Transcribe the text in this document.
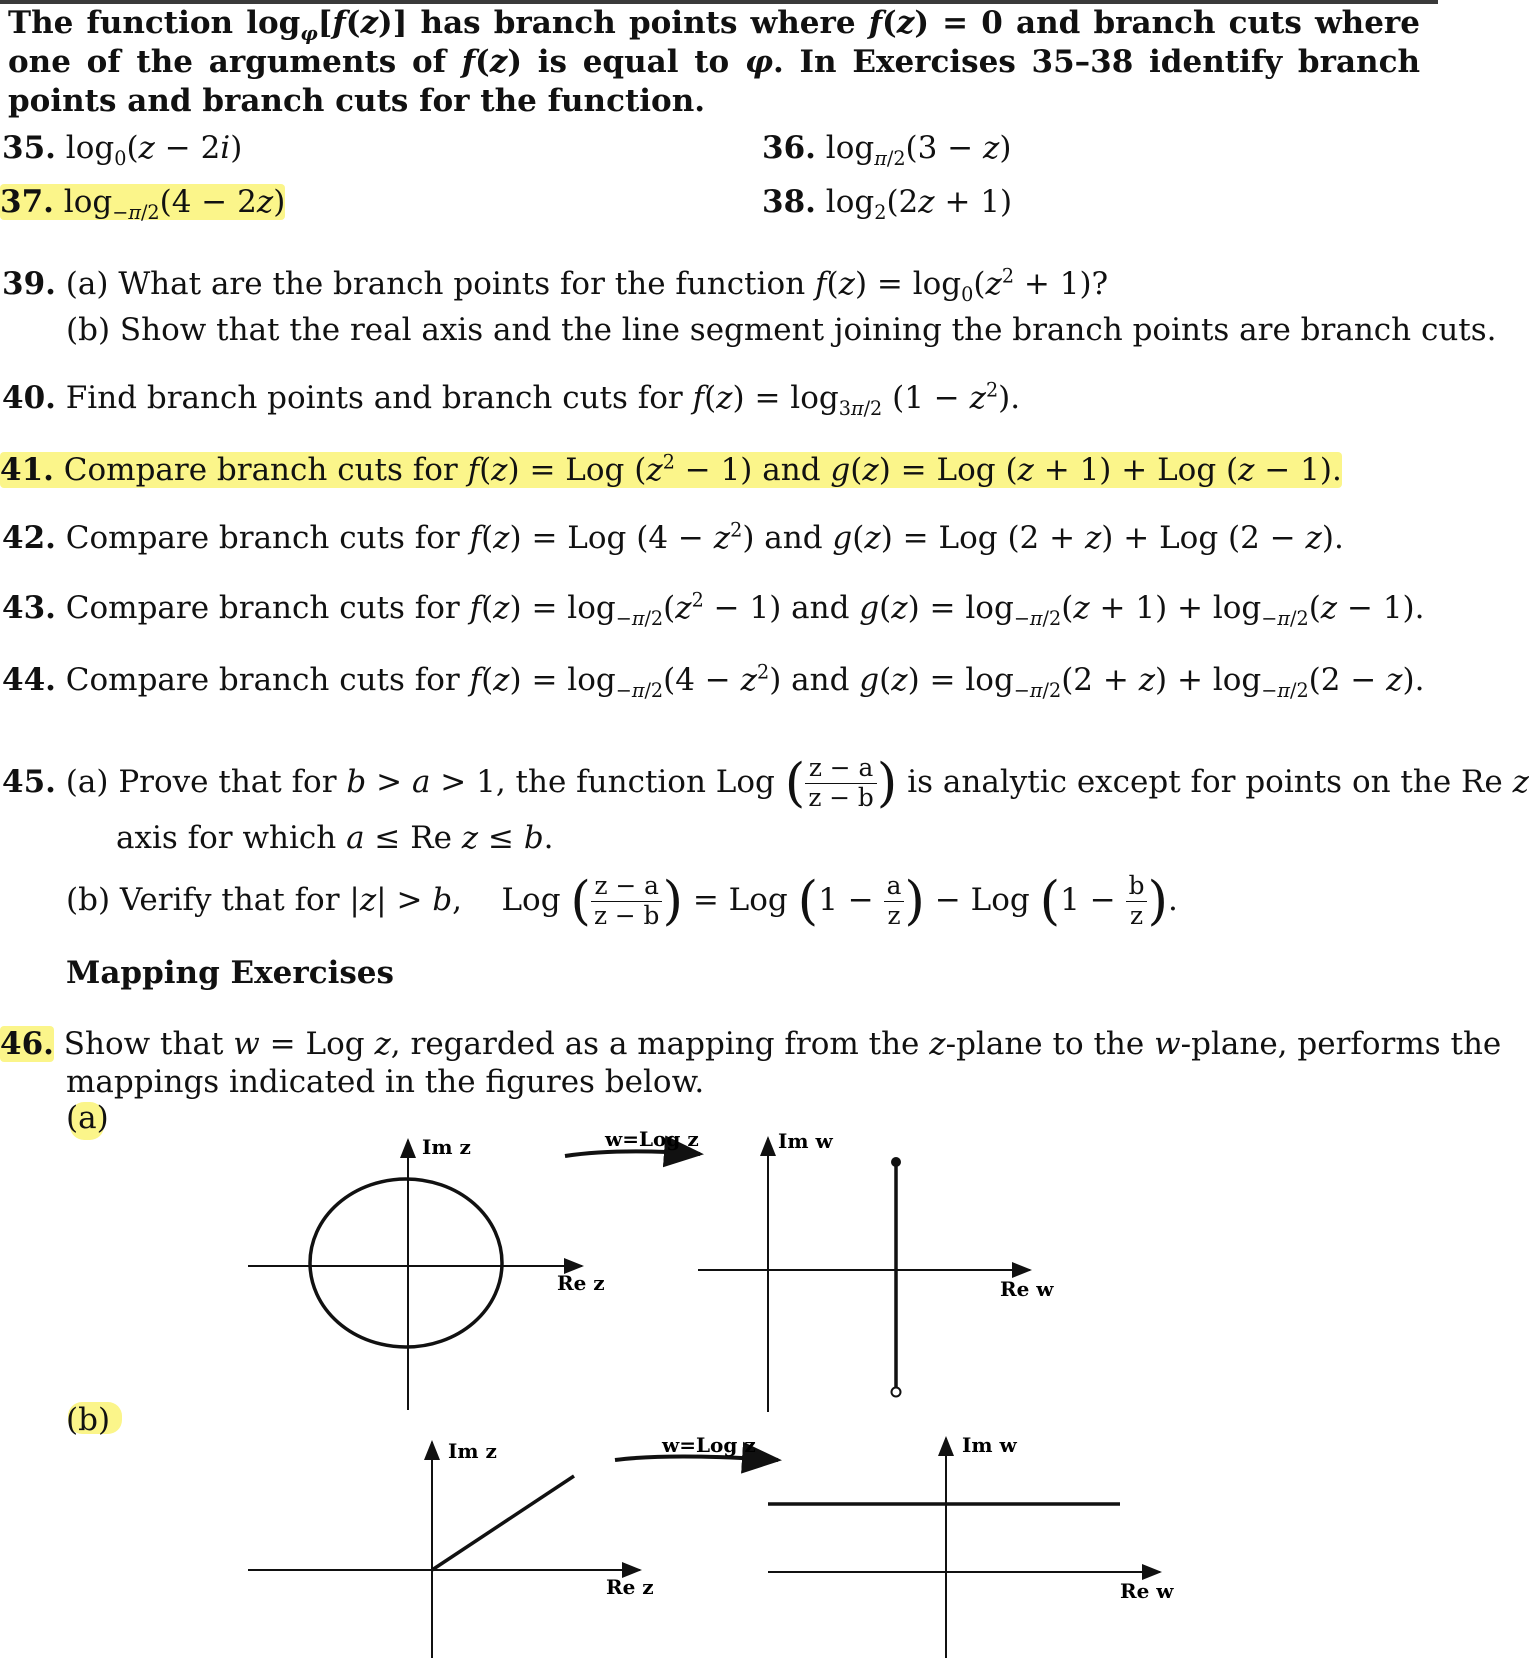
The function $\log_\varphi[f(z)]$ has branch points where f(z) = 0 and branch cuts where one of the arguments of f(z) is equal to φ. In Exercises 35–38 identify branch points and branch cuts for the function.
35. $\log_0(z - 2i)$	36. $\log_{\pi/2}(3 - z)$
37. $\log_{-\pi/2}(4 - 2z)$	38. $\log_2(2z + 1)$
39. (a) What are the branch points for the function $f(z) = \log_0(z^2 + 1)$?
(b) Show that the real axis and the line segment joining the branch points are branch cuts.
40. Find branch points and branch cuts for $f(z) = \log_{3\pi/2} (1 - z^2)$.
41. Compare branch cuts for f(z) = Log $(z^2 - 1)$ and g(z) = Log (z + 1) + Log (z − 1).
42. Compare branch cuts for f(z) = Log $(4 - z^2)$ and g(z) = Log (2 + z) + Log (2 − z).
43. Compare branch cuts for $f(z) = \log_{-\pi/2}(z^2 - 1)$ and $g(z) = \log_{-\pi/2}(z + 1) + \log_{-\pi/2}(z - 1)$.
44. Compare branch cuts for $f(z) = \log_{-\pi/2}(4 - z^2)$ and $g(z) = \log_{-\pi/2}(2 + z) + \log_{-\pi/2}(2 - z)$.
45. (a) Prove that for b > a > 1, the function Log ( $\frac{z - a}{z - b}$ ) is analytic except for points on the Re z
axis for which a ≤ Re z ≤ b.
(b) Verify that for |z| > b,    Log ( $\frac{z - a}{z - b}$ ) = Log ($1 - \frac{a}{z}$ ) − Log ($1 - \frac{b}{z}$ ).
Mapping Exercises
46. Show that w = Log z, regarded as a mapping from the z-plane to the w-plane, performs the
mappings indicated in the figures below.
(a)
(b)
Im z
Re z
w=Log z	Im w
Re w
Im z
Re z
w=Log z	Im w
Re w
